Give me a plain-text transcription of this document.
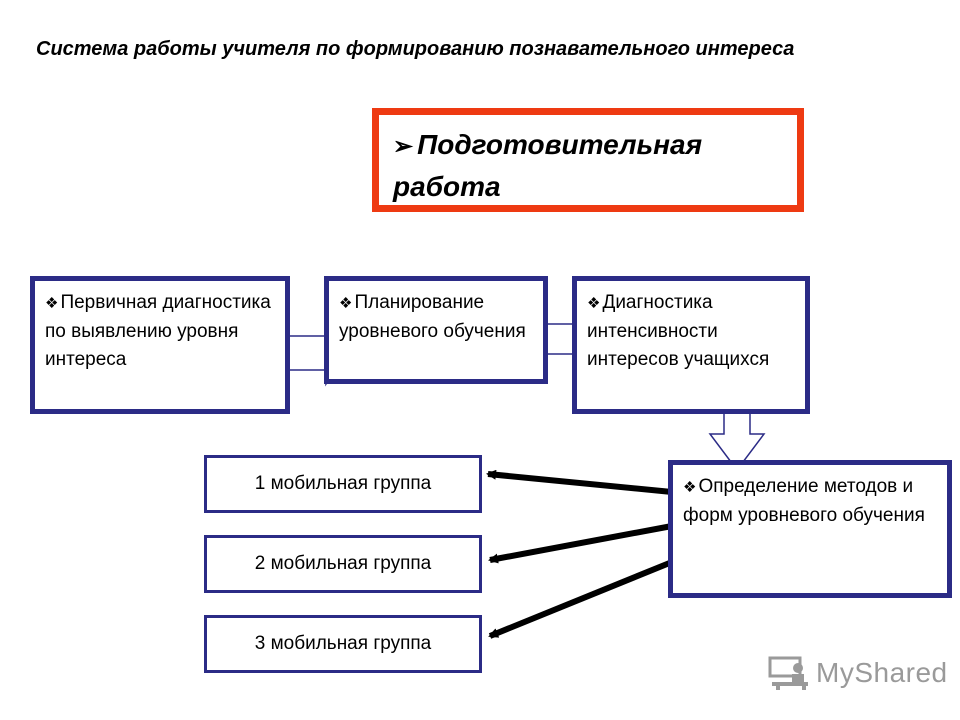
Система работы учителя по формированию познавательного интереса
➢ Подготовительная работа
❖ Первичная диагностика по выявлению уровня интереса
❖ Планирование уровневого обучения
❖ Диагностика интенсивности интересов учащихся
❖ Определение методов и форм уровневого обучения
1 мобильная группа
2 мобильная группа
3 мобильная группа
MyShared
